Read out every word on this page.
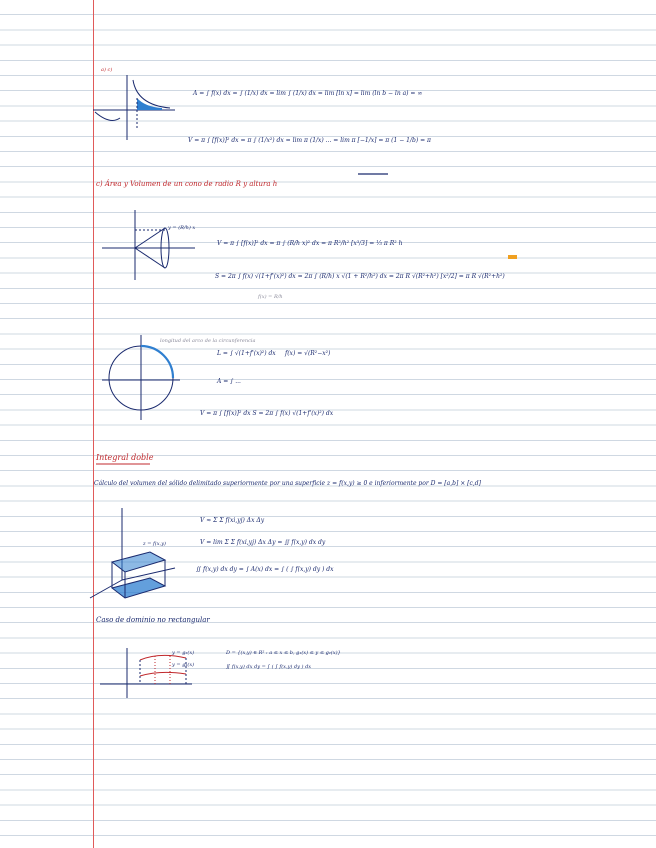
a) c)
A = ∫ f(x) dx = ∫ (1/x) dx = lim ∫ (1/x) dx = lim [ln x] = lim (ln b − ln a) = ∞
V = π ∫ [f(x)]² dx = π ∫ (1/x²) dx = lim π (1/x) ... = lim π [−1/x] = π (1 − 1/b) = π
c) Área y Volumen de un cono de radio R y altura h
y = (R/h) x
V = π ∫ [f(x)]² dx = π ∫ (R/h x)² dx = π R²/h² [x³/3] = ⅓ π R² h
S = 2π ∫ f(x) √(1+f'(x)²) dx = 2π ∫ (R/h) x √(1 + R²/h²) dx = 2π R √(R²+h²) [x²/2] = π R √(R²+h²)
f(x) = R/h
longitud del arco de la circunferencia
L = ∫ √(1+f'(x)²) dx f(x) = √(R²−x²)
A = ∫ ...
V = π ∫ [f(x)]² dx S = 2π ∫ f(x) √(1+f'(x)²) dx
Integral doble
Cálculo del volumen del sólido delimitado superiormente por una superficie z = f(x,y) ≥ 0 e inferiormente por D = [a,b] × [c,d]
V ≈ Σ Σ f(xi,yj) Δx Δy
V = lim Σ Σ f(xi,yj) Δx Δy = ∬ f(x,y) dx dy
∬ f(x,y) dx dy = ∫ A(x) dx = ∫ ( ∫ f(x,y) dy ) dx
z = f(x,y)
Caso de dominio no rectangular
D = {(x,y) ∈ R² : a ≤ x ≤ b, g₁(x) ≤ y ≤ g₂(x)}
∬ f(x,y) dx dy = ∫ ( ∫ f(x,y) dy ) dx
y = g₂(x)
y = g₁(x)
